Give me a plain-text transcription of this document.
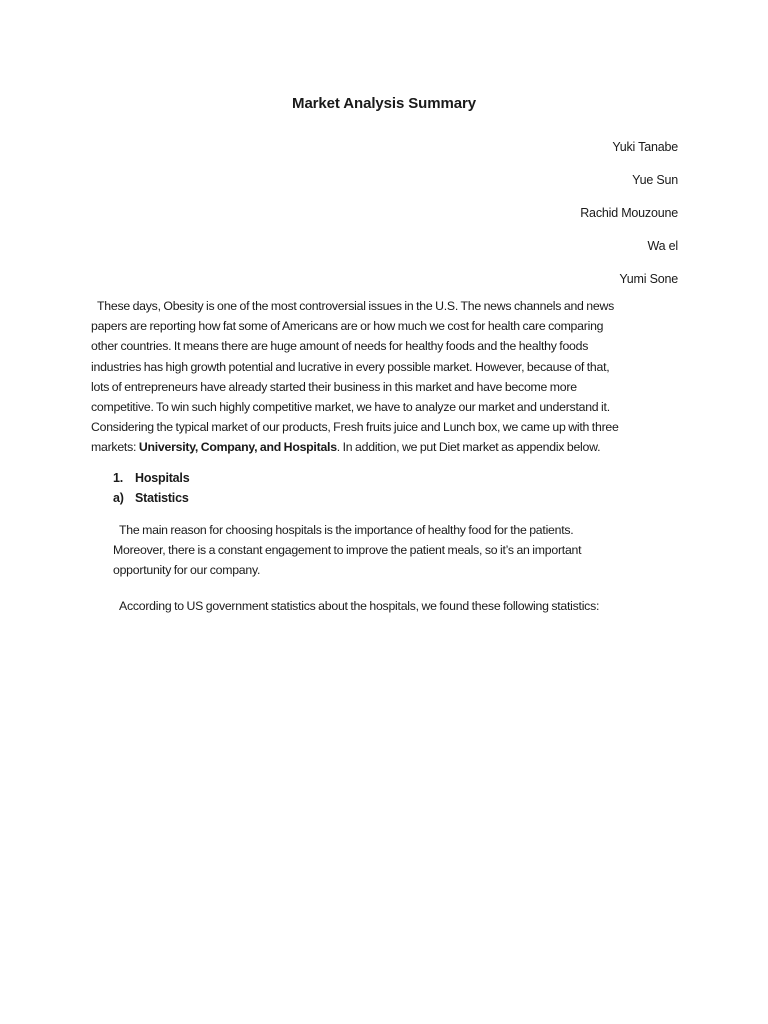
Market Analysis Summary
Yuki Tanabe
Yue Sun
Rachid Mouzoune
Wa el
Yumi Sone
These days, Obesity is one of the most controversial issues in the U.S. The news channels and news
papers are reporting how fat some of Americans are or how much we cost for health care comparing
other countries. It means there are huge amount of needs for healthy foods and the healthy foods
industries has high growth potential and lucrative in every possible market. However, because of that,
lots of entrepreneurs have already started their business in this market and have become more
competitive. To win such highly competitive market, we have to analyze our market and understand it.
Considering the typical market of our products, Fresh fruits juice and Lunch box, we came up with three
markets: University, Company, and Hospitals. In addition, we put Diet market as appendix below.
1. Hospitals
a) Statistics
The main reason for choosing hospitals is the importance of healthy food for the patients.
Moreover, there is a constant engagement to improve the patient meals, so it’s an important
opportunity for our company.
According to US government statistics about the hospitals, we found these following statistics:
